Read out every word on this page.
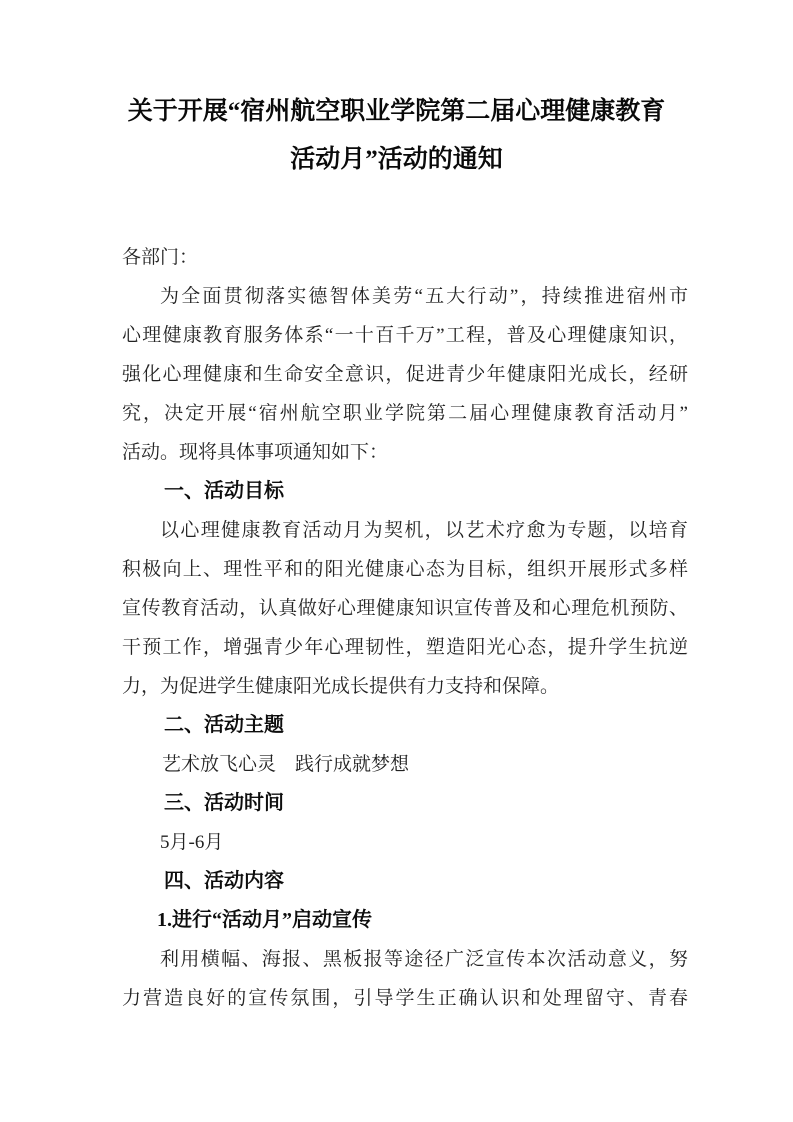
关于开展“宿州航空职业学院第二届心理健康教育
活动月”活动的通知
各部门：
为全面贯彻落实德智体美劳“五大行动”，持续推进宿州市
心理健康教育服务体系“一十百千万”工程，普及心理健康知识，
强化心理健康和生命安全意识，促进青少年健康阳光成长，经研
究，决定开展“宿州航空职业学院第二届心理健康教育活动月”
活动。现将具体事项通知如下：
一、活动目标
以心理健康教育活动月为契机，以艺术疗愈为专题，以培育
积极向上、理性平和的阳光健康心态为目标，组织开展形式多样
宣传教育活动，认真做好心理健康知识宣传普及和心理危机预防、
干预工作，增强青少年心理韧性，塑造阳光心态，提升学生抗逆
力，为促进学生健康阳光成长提供有力支持和保障。
二、活动主题
艺术放飞心灵　践行成就梦想
三、活动时间
5月-6月
四、活动内容
1.进行“活动月”启动宣传
利用横幅、海报、黑板报等途径广泛宣传本次活动意义，努
力营造良好的宣传氛围，引导学生正确认识和处理留守、青春
